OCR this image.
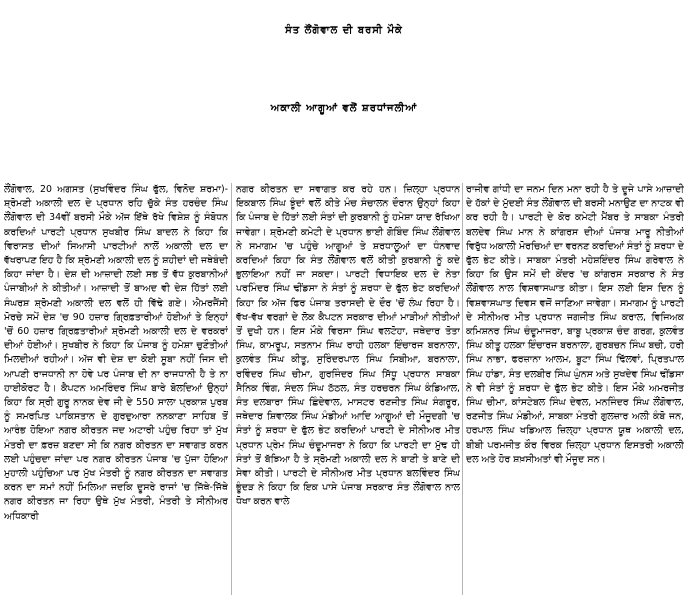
ਸੰਤ ਲੌਂਗੋਵਾਲ ਦੀ ਬਰਸੀ ਮੌਕੇ
ਅਕਾਲੀ ਆਗੂਆਂ ਵਲੋਂ ਸ਼ਰਧਾਂਜਲੀਆਂ
ਲੌਂਗੋਵਾਲ, 20 ਅਗਸਤ (ਸੁਖਵਿੰਦਰ ਸਿੰਘ ਫੁੱਲ, ਵਿਨੋਦ ਸ਼ਰਮਾ)-ਸ਼੍ਰੋਮਣੀ ਅਕਾਲੀ ਦਲ ਦੇ ਪ੍ਰਧਾਨ ਰਹਿ ਚੁੱਕੇ ਸੰਤ ਹਰਚੰਦ ਸਿੰਘ ਲੌਂਗੋਵਾਲ ਦੀ 34ਵੀਂ ਬਰਸੀ ਮੌਕੇ ਅੱਜ ਇੱਥੇ ਰੱਖੇ ਵਿਸ਼ੇਸ਼ ਨੂੰ ਸੰਬੋਧਨ ਕਰਦਿਆਂ ਪਾਰਟੀ ਪ੍ਰਧਾਨ ਸੁਖਬੀਰ ਸਿੰਘ ਬਾਦਲ ਨੇ ਕਿਹਾ ਕਿ ਵਿਰਾਸਤ ਦੀਆਂ ਸਿਆਸੀ ਪਾਰਟੀਆਂ ਨਾਲੋਂ ਅਕਾਲੀ ਦਲ ਦਾ ਵੱਖਰਾਪਣ ਇਹ ਹੈ ਕਿ ਸ਼੍ਰੋਮਣੀ ਅਕਾਲੀ ਦਲ ਨੂੰ ਸ਼ਹੀਦਾਂ ਦੀ ਜਥੇਬੰਦੀ ਕਿਹਾ ਜਾਂਦਾ ਹੈ। ਦੇਸ਼ ਦੀ ਆਜ਼ਾਦੀ ਲਈ ਸਭ ਤੋਂ ਵੱਧ ਕੁਰਬਾਨੀਆਂ ਪੰਜਾਬੀਆਂ ਨੇ ਕੀਤੀਆਂ। ਆਜ਼ਾਦੀ ਤੋਂ ਬਾਅਦ ਵੀ ਦੇਸ਼ ਹਿੱਤਾਂ ਲਈ ਸੰਘਰਸ਼ ਸ਼੍ਰੋਮਣੀ ਅਕਾਲੀ ਦਲ ਵਲੋਂ ਹੀ ਵਿੱਢੇ ਗਏ। ਐਮਰਜੈਂਸੀ ਮੋਰਚੇ ਸਮੇਂ ਦੇਸ਼ 'ਚ 90 ਹਜ਼ਾਰ ਗ੍ਰਿਫ਼ਤਾਰੀਆਂ ਹੋਈਆਂ ਤੇ ਇਨ੍ਹਾਂ 'ਚੋਂ 60 ਹਜ਼ਾਰ ਗ੍ਰਿਫ਼ਤਾਰੀਆਂ ਸ਼੍ਰੋਮਣੀ ਅਕਾਲੀ ਦਲ ਦੇ ਵਰਕਰਾਂ ਦੀਆਂ ਹੋਈਆਂ। ਸੁਖਬੀਰ ਨੇ ਕਿਹਾ ਕਿ ਪੰਜਾਬ ਨੂੰ ਹਮੇਸ਼ਾ ਚੁਣੌਤੀਆਂ ਮਿਲਦੀਆਂ ਰਹੀਆਂ। ਅੱਜ ਵੀ ਦੇਸ਼ ਦਾ ਕੋਈ ਸੂਬਾ ਨਹੀਂ ਜਿਸ ਦੀ ਆਪਣੀ ਰਾਜਧਾਨੀ ਨਾ ਹੋਵੇ ਪਰ ਪੰਜਾਬ ਦੀ ਨਾ ਰਾਜਧਾਨੀ ਹੈ ਤੇ ਨਾ ਹਾਈਕੋਰਟ ਹੈ। ਕੈਪਟਨ ਅਮਰਿੰਦਰ ਸਿੰਘ ਬਾਰੇ ਬੋਲਦਿਆਂ ਉਨ੍ਹਾਂ ਕਿਹਾ ਕਿ ਸ੍ਰੀ ਗੁਰੂ ਨਾਨਕ ਦੇਵ ਜੀ ਦੇ 550 ਸਾਲਾ ਪ੍ਰਕਾਸ਼ ਪੁਰਬ ਨੂੰ ਸਮਰਪਿਤ ਪਾਕਿਸਤਾਨ ਦੇ ਗੁਰਦੁਆਰਾ ਨਨਕਾਣਾ ਸਾਹਿਬ ਤੋਂ ਆਰੰਭ ਹੋਇਆ ਨਗਰ ਕੀਰਤਨ ਜਦ ਅਟਾਰੀ ਪਹੁੰਚ ਰਿਹਾ ਤਾਂ ਮੁੱਖ ਮੰਤਰੀ ਦਾ ਫ਼ਰਜ਼ ਬਣਦਾ ਸੀ ਕਿ ਨਗਰ ਕੀਰਤਨ ਦਾ ਸਵਾਗਤ ਕਰਨ ਲਈ ਪਹੁੰਚਦਾ ਜਾਂਦਾ ਪਰ ਨਗਰ ਕੀਰਤਨ ਪੰਜਾਬ 'ਚ ਪੁੱਜਾ ਹੋਇਆ ਮੁਹਾਲੀ ਪਹੁੰਚਿਆ ਪਰ ਮੁੱਖ ਮੰਤਰੀ ਨੂੰ ਨਗਰ ਕੀਰਤਨ ਦਾ ਸਵਾਗਤ ਕਰਨ ਦਾ ਸਮਾਂ ਨਹੀਂ ਮਿਲਿਆ ਜਦਕਿ ਦੂਸਰੇ ਰਾਜਾਂ 'ਚ ਜਿੱਥੇ-ਜਿੱਥੇ ਨਗਰ ਕੀਰਤਨ ਜਾ ਰਿਹਾ ਉਥੇ ਮੁੱਖ ਮੰਤਰੀ, ਮੰਤਰੀ ਤੇ ਸੀਨੀਅਰ ਅਧਿਕਾਰੀ
ਨਗਰ ਕੀਰਤਨ ਦਾ ਸਵਾਗਤ ਕਰ ਰਹੇ ਹਨ। ਜ਼ਿਲ੍ਹਾ ਪ੍ਰਧਾਨ ਇਕਬਾਲ ਸਿੰਘ ਝੂੰਦਾਂ ਵਲੋਂ ਕੀਤੇ ਮੰਚ ਸੰਚਾਲਨ ਦੌਰਾਨ ਉਨ੍ਹਾਂ ਕਿਹਾ ਕਿ ਪੰਜਾਬ ਦੇ ਹਿੱਤਾਂ ਲਈ ਸੰਤਾਂ ਦੀ ਕੁਰਬਾਨੀ ਨੂੰ ਹਮੇਸ਼ਾ ਯਾਦ ਰੱਖਿਆ ਜਾਵੇਗਾ। ਸ਼੍ਰੋਮਣੀ ਕਮੇਟੀ ਦੇ ਪ੍ਰਧਾਨ ਭਾਈ ਗੋਬਿੰਦ ਸਿੰਘ ਲੌਂਗੋਵਾਲ ਨੇ ਸਮਾਗਮ 'ਚ ਪਹੁੰਚੇ ਆਗੂਆਂ ਤੇ ਸ਼ਰਧਾਲੂਆਂ ਦਾ ਧੰਨਵਾਦ ਕਰਦਿਆਂ ਕਿਹਾ ਕਿ ਸੰਤ ਲੌਂਗੋਵਾਲ ਵਲੋਂ ਕੀਤੀ ਕੁਰਬਾਨੀ ਨੂੰ ਕਦੇ ਭੁਲਾਇਆ ਨਹੀਂ ਜਾ ਸਕਦਾ। ਪਾਰਟੀ ਵਿਧਾਇਕ ਦਲ ਦੇ ਨੇਤਾ ਪਰਮਿੰਦਰ ਸਿੰਘ ਢੀਂਡਸਾ ਨੇ ਸੰਤਾਂ ਨੂੰ ਸ਼ਰਧਾ ਦੇ ਫੁੱਲ ਭੇਟ ਕਰਦਿਆਂ ਕਿਹਾ ਕਿ ਅੱਜ ਫਿਰ ਪੰਜਾਬ ਤਰਾਸਦੀ ਦੇ ਦੌਰ 'ਚੋਂ ਲੰਘ ਰਿਹਾ ਹੈ। ਵੱਖ-ਵੱਖ ਵਰਗਾਂ ਦੇ ਲੋਕ ਕੈਪਟਨ ਸਰਕਾਰ ਦੀਆਂ ਮਾੜੀਆਂ ਨੀਤੀਆਂ ਤੋਂ ਦੁਖੀ ਹਨ। ਇਸ ਮੌਕੇ ਵਿਰਸਾ ਸਿੰਘ ਵਲਟੋਹਾ, ਜਥੇਦਾਰ ਤੋਤਾ ਸਿੰਘ, ਕਾਮਰੂਪ, ਸਤਨਾਮ ਸਿੰਘ ਰਾਹੀ ਹਲਕਾ ਇੰਚਾਰਜ ਬਰਨਾਲਾ, ਕੁਲਵੰਤ ਸਿੰਘ ਕੀਤੂ, ਸੁਰਿੰਦਰਪਾਲ ਸਿੰਘ ਸਿਬੀਆ, ਬਰਨਾਲਾ, ਰਵਿੰਦਰ ਸਿੰਘ ਚੀਮਾ, ਗੁਰਜਿੰਦਰ ਸਿੰਘ ਸਿੱਧੂ ਪ੍ਰਧਾਨ ਸਾਬਕਾ ਸੈਨਿਕ ਵਿੰਗ, ਸੰਦਲ ਸਿੰਘ ਠੱਠਲ, ਸੰਤ ਹਰਚਰਨ ਸਿੰਘ ਕੰਡਿਆਲ, ਸੰਤ ਦਲਬਾਰਾ ਸਿੰਘ ਛਿੰਦੇਵਾਲ, ਮਾਸਟਰ ਰਣਜੀਤ ਸਿੰਘ ਸੰਗਰੂਰ, ਜਥੇਦਾਰ ਸ਼ਿਵਾਲਕ ਸਿੰਘ ਮੰਡੀਆਂ ਆਦਿ ਆਗੂਆਂ ਦੀ ਮੌਜੂਦਗੀ 'ਚ ਸੰਤਾਂ ਨੂੰ ਸ਼ਰਧਾ ਦੇ ਫੁੱਲ ਭੇਟ ਕਰਦਿਆਂ ਪਾਰਟੀ ਦੇ ਸੀਨੀਅਰ ਮੀਤ ਪ੍ਰਧਾਨ ਪ੍ਰੇਮ ਸਿੰਘ ਚੰਦੂਮਾਜਰਾ ਨੇ ਕਿਹਾ ਕਿ ਪਾਰਟੀ ਦਾ ਮੁੱਢ ਹੀ ਸੰਤਾਂ ਤੋਂ ਬੱਝਿਆ ਹੈ ਤੇ ਸ੍ਰੋਮਣੀ ਅਕਾਲੀ ਦਲ ਨੇ ਬਾਣੀ ਤੇ ਬਾਣੇ ਦੀ ਸੇਵਾ ਕੀਤੀ। ਪਾਰਟੀ ਦੇ ਸੀਨੀਅਰ ਮੀਤ ਪ੍ਰਧਾਨ ਬਲਵਿੰਦਰ ਸਿੰਘ ਭੂੰਦੜ ਨੇ ਕਿਹਾ ਕਿ ਇਕ ਪਾਸੇ ਪੰਜਾਬ ਸਰਕਾਰ ਸੰਤ ਲੌਂਗੋਵਾਲ ਨਾਲ ਧੋਖਾ ਕਰਨ ਵਾਲੇ
ਰਾਜੀਵ ਗਾਂਧੀ ਦਾ ਜਨਮ ਦਿਨ ਮਨਾ ਰਹੀ ਹੈ ਤੇ ਦੂਜੇ ਪਾਸੇ ਆਜ਼ਾਦੀ ਦੇ ਹੱਕਾਂ ਦੇ ਮੁੱਦਈ ਸੰਤ ਲੌਂਗੋਵਾਲ ਦੀ ਬਰਸੀ ਮਨਾਉਣ ਦਾ ਨਾਟਕ ਵੀ ਕਰ ਰਹੀ ਹੈ। ਪਾਰਟੀ ਦੇ ਕੋਰ ਕਮੇਟੀ ਮੈਂਬਰ ਤੇ ਸਾਬਕਾ ਮੰਤਰੀ ਬਲਦੇਵ ਸਿੰਘ ਮਾਨ ਨੇ ਕਾਂਗਰਸ ਦੀਆਂ ਪੰਜਾਬ ਮਾਰੂ ਨੀਤੀਆਂ ਵਿਰੁੱਧ ਅਕਾਲੀ ਮੋਰਚਿਆਂ ਦਾ ਵਰਨਣ ਕਰਦਿਆਂ ਸੰਤਾਂ ਨੂੰ ਸ਼ਰਧਾ ਦੇ ਫੁੱਲ ਭੇਟ ਕੀਤੇ। ਸਾਬਕਾ ਮੰਤਰੀ ਮਹੇਸ਼ਇੰਦਰ ਸਿੰਘ ਗਰੇਵਾਲ ਨੇ ਕਿਹਾ ਕਿ ਉਸ ਸਮੇਂ ਦੀ ਕੇਂਦਰ 'ਚ ਕਾਂਗਰਸ ਸਰਕਾਰ ਨੇ ਸੰਤ ਲੌਂਗੋਵਾਲ ਨਾਲ ਵਿਸ਼ਵਾਸਘਾਤ ਕੀਤਾ। ਇਸ ਲਈ ਇਸ ਦਿਨ ਨੂੰ ਵਿਸ਼ਵਾਸਘਾਤ ਦਿਵਸ ਵਜੋਂ ਜਾਣਿਆ ਜਾਵੇਗਾ। ਸਮਾਗਮ ਨੂੰ ਪਾਰਟੀ ਦੇ ਸੀਨੀਅਰ ਮੀਤ ਪ੍ਰਧਾਨ ਜਗਜੀਤ ਸਿੰਘ ਕਰਾਲ, ਵਿਜਿਅਕ ਕਮਿਸ਼ਨਰ ਸਿੰਘ ਚੰਦੂਮਾਜਰਾ, ਬਾਬੂ ਪ੍ਰਕਾਸ਼ ਚੰਦ ਗਰਗ, ਕੁਲਵੰਤ ਸਿੰਘ ਕੀਤੂ ਹਲਕਾ ਇੰਚਾਰਜ ਬਰਨਾਲਾ, ਗੁਰਬਚਨ ਸਿੰਘ ਬਚੀ, ਹਰੀ ਸਿੰਘ ਨਾਭਾ, ਫਰਜ਼ਾਨਾ ਆਲਮ, ਬੂਟਾ ਸਿੰਘ ਢਿੱਲਵਾਂ, ਪ੍ਰਿਤਪਾਲ ਸਿੰਘ ਹਾਂਡਾ, ਸੰਤ ਦਲਬੀਰ ਸਿੰਘ ਘੁੰਨਸ ਅਤੇ ਸੁਖਦੇਵ ਸਿੰਘ ਢੀਂਡਸਾ ਨੇ ਵੀ ਸੰਤਾਂ ਨੂੰ ਸ਼ਰਧਾ ਦੇ ਫੁੱਲ ਭੇਟ ਕੀਤੇ। ਇਸ ਮੌਕੇ ਅਮਰਜੀਤ ਸਿੰਘ ਚੀਮਾ, ਕਾਂਸਟੇਬਲ ਸਿੰਘ ਦੇਵਲ, ਮਨਜਿੰਦਰ ਸਿੰਘ ਲੌਂਗੋਵਾਲ, ਰਣਜੀਤ ਸਿੰਘ ਮੰਡੀਆਂ, ਸਾਬਕਾ ਮੰਤਰੀ ਗੁਲਜ਼ਾਰ ਅਲੀ ਕੰਬੋ ਜਨ, ਹਰਪਾਲ ਸਿੰਘ ਖਡਿਆਲ ਜ਼ਿਲ੍ਹਾ ਪ੍ਰਧਾਨ ਯੂਥ ਅਕਾਲੀ ਦਲ, ਬੀਬੀ ਪਰਮਜੀਤ ਕੌਰ ਵਿਰਕ ਜ਼ਿਲ੍ਹਾ ਪ੍ਰਧਾਨ ਇਸਤਰੀ ਅਕਾਲੀ ਦਲ ਅਤੇ ਹੋਰ ਸ਼ਖ਼ਸੀਅਤਾਂ ਵੀ ਮੌਜੂਦ ਸਨ।
